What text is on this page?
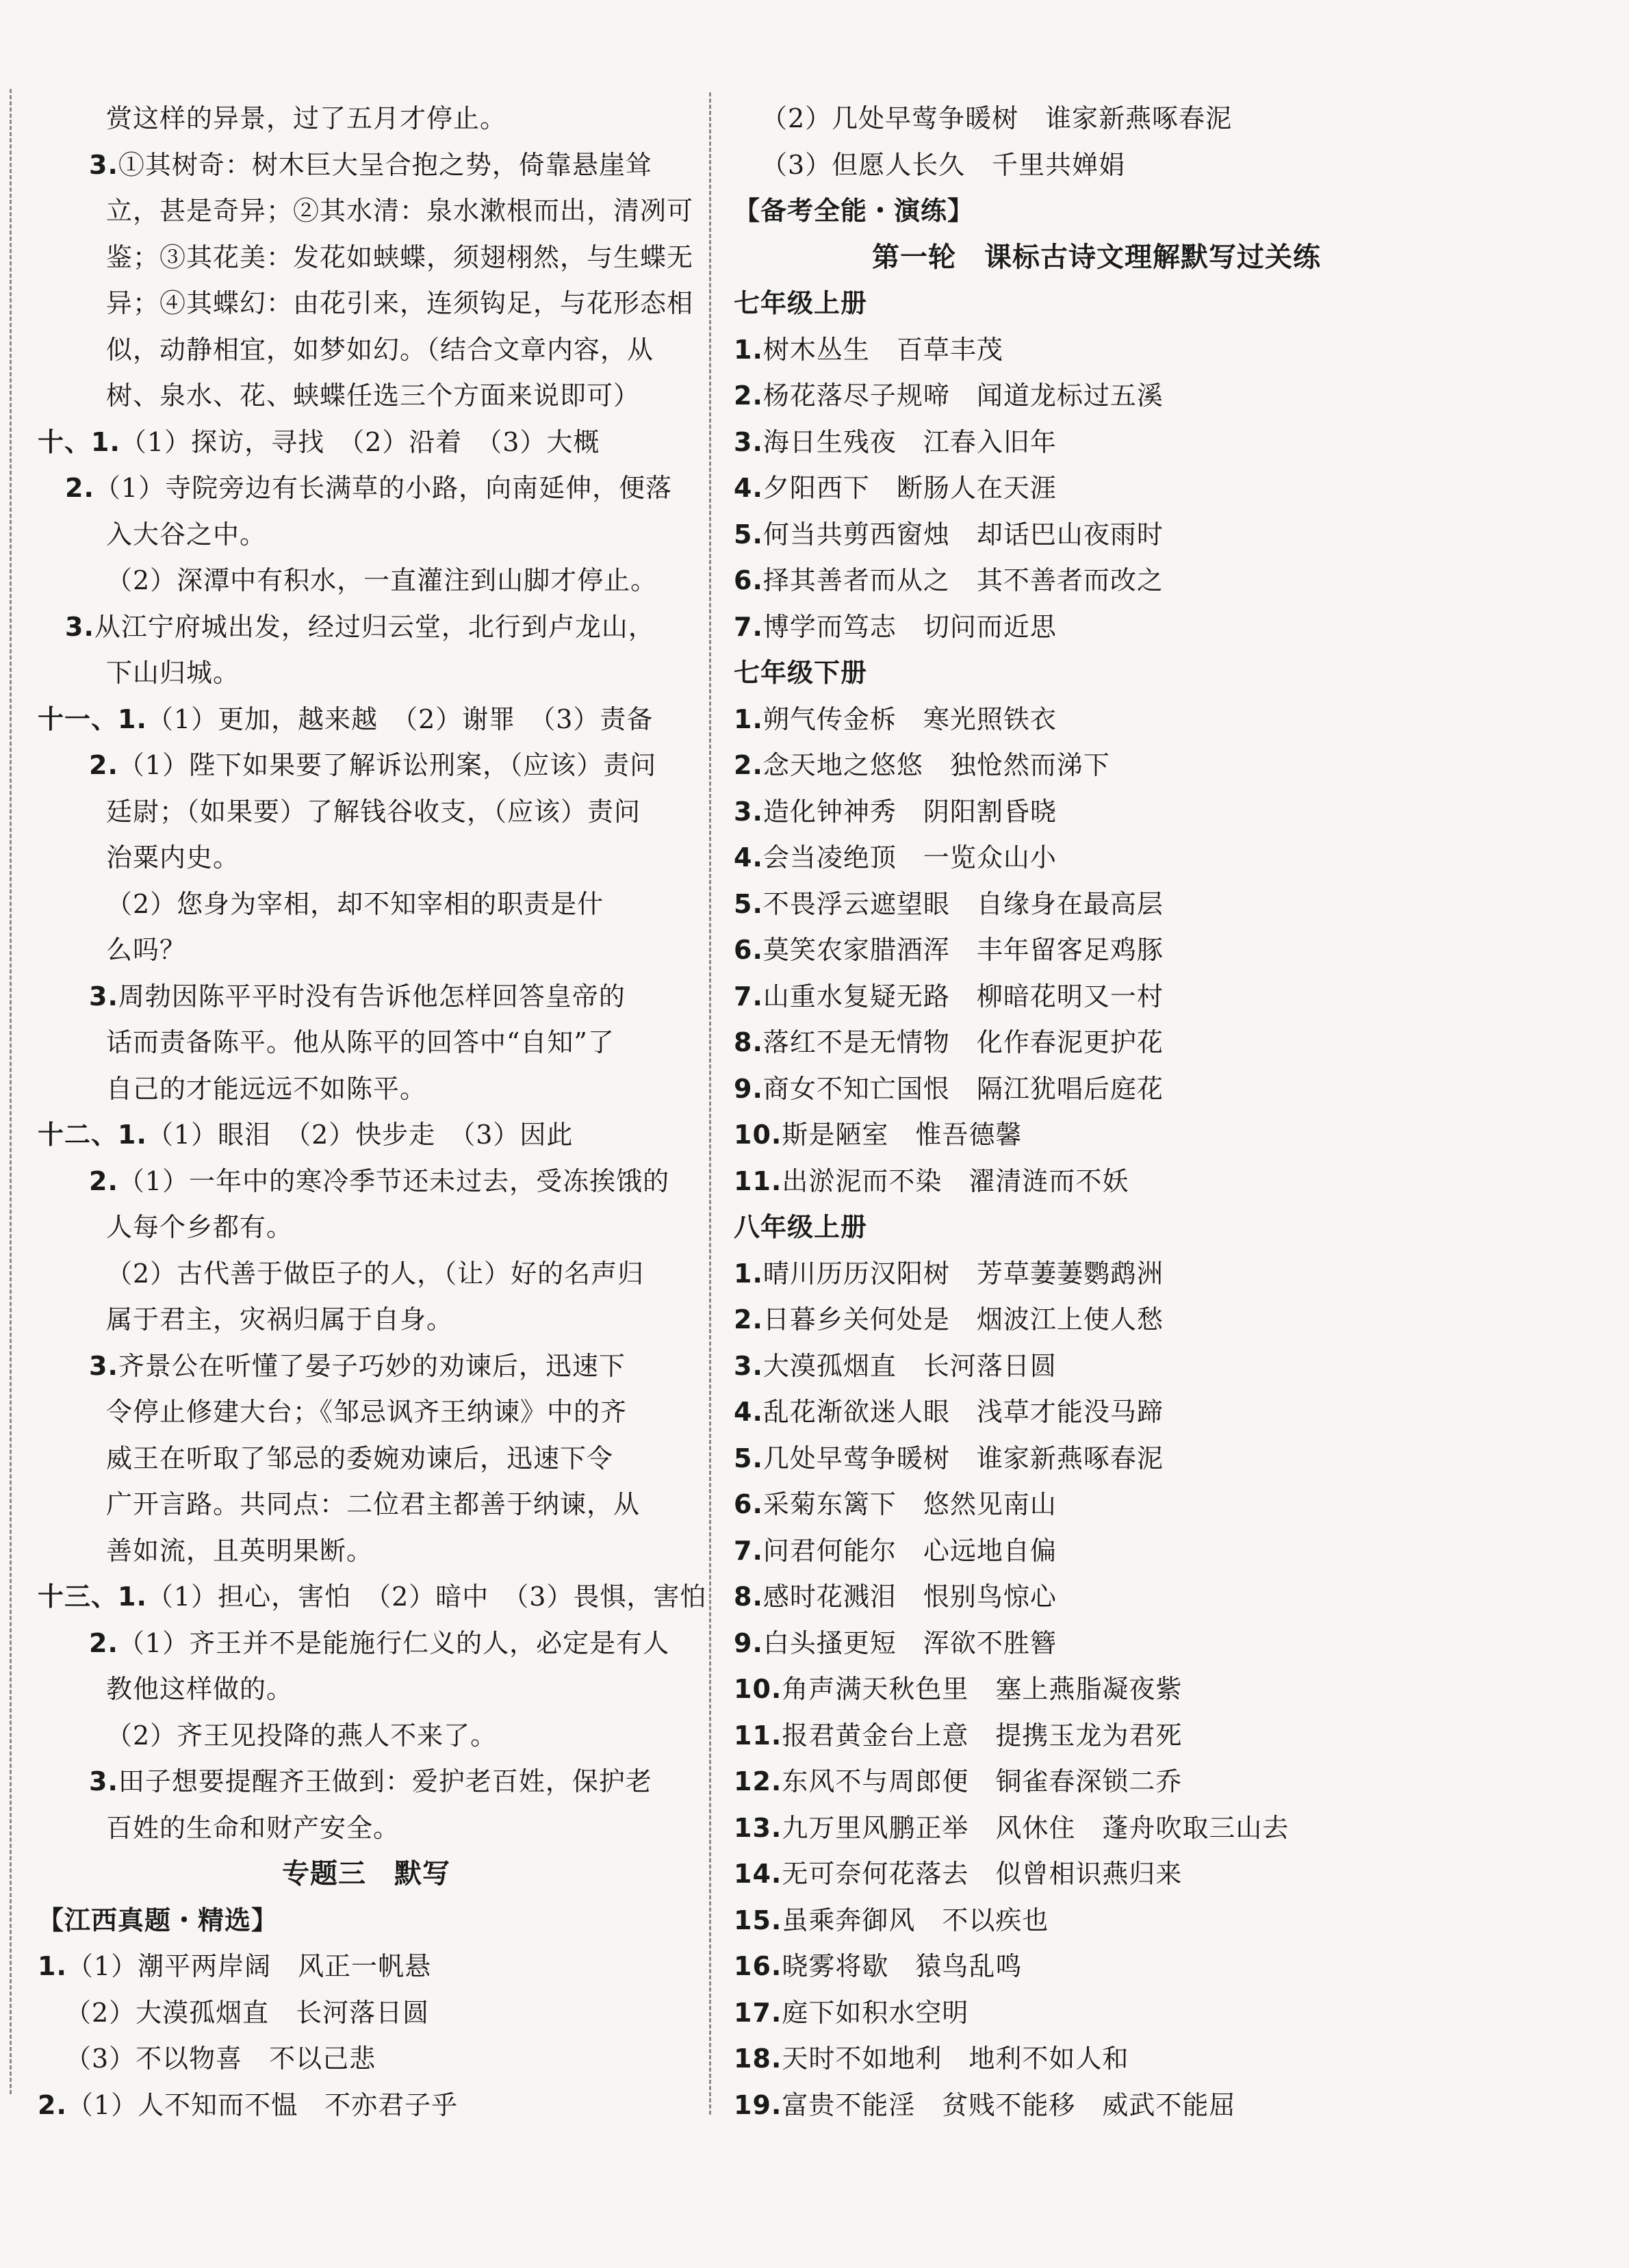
赏这样的异景，过了五月才停止。
3.①其树奇：树木巨大呈合抱之势，倚靠悬崖耸
立，甚是奇异；②其水清：泉水漱根而出，清冽可
鉴；③其花美：发花如蛱蝶，须翅栩然，与生蝶无
异；④其蝶幻：由花引来，连须钩足，与花形态相
似，动静相宜，如梦如幻。（结合文章内容，从
树、泉水、花、蛱蝶任选三个方面来说即可）
十、1.（1）探访，寻找　（2）沿着　（3）大概
2.（1）寺院旁边有长满草的小路，向南延伸，便落
入大谷之中。
（2）深潭中有积水，一直灌注到山脚才停止。
3.从江宁府城出发，经过归云堂，北行到卢龙山，
下山归城。
十一、1.（1）更加，越来越　（2）谢罪　（3）责备
2.（1）陛下如果要了解诉讼刑案，（应该）责问
廷尉；（如果要）了解钱谷收支，（应该）责问
治粟内史。
（2）您身为宰相，却不知宰相的职责是什
么吗？
3.周勃因陈平平时没有告诉他怎样回答皇帝的
话而责备陈平。他从陈平的回答中“自知”了
自己的才能远远不如陈平。
十二、1.（1）眼泪　（2）快步走　（3）因此
2.（1）一年中的寒冷季节还未过去，受冻挨饿的
人每个乡都有。
（2）古代善于做臣子的人，（让）好的名声归
属于君主，灾祸归属于自身。
3.齐景公在听懂了晏子巧妙的劝谏后，迅速下
令停止修建大台；《邹忌讽齐王纳谏》中的齐
威王在听取了邹忌的委婉劝谏后，迅速下令
广开言路。共同点：二位君主都善于纳谏，从
善如流，且英明果断。
十三、1.（1）担心，害怕　（2）暗中　（3）畏惧，害怕
2.（1）齐王并不是能施行仁义的人，必定是有人
教他这样做的。
（2）齐王见投降的燕人不来了。
3.田子想要提醒齐王做到：爱护老百姓，保护老
百姓的生命和财产安全。
专题三　默写
【江西真题・精选】
1.（1）潮平两岸阔　风正一帆悬
（2）大漠孤烟直　长河落日圆
（3）不以物喜　不以己悲
2.（1）人不知而不愠　不亦君子乎
（2）几处早莺争暖树　谁家新燕啄春泥
（3）但愿人长久　千里共婵娟
【备考全能・演练】
第一轮　课标古诗文理解默写过关练
七年级上册
1.树木丛生　百草丰茂
2.杨花落尽子规啼　闻道龙标过五溪
3.海日生残夜　江春入旧年
4.夕阳西下　断肠人在天涯
5.何当共剪西窗烛　却话巴山夜雨时
6.择其善者而从之　其不善者而改之
7.博学而笃志　切问而近思
七年级下册
1.朔气传金柝　寒光照铁衣
2.念天地之悠悠　独怆然而涕下
3.造化钟神秀　阴阳割昏晓
4.会当凌绝顶　一览众山小
5.不畏浮云遮望眼　自缘身在最高层
6.莫笑农家腊酒浑　丰年留客足鸡豚
7.山重水复疑无路　柳暗花明又一村
8.落红不是无情物　化作春泥更护花
9.商女不知亡国恨　隔江犹唱后庭花
10.斯是陋室　惟吾德馨
11.出淤泥而不染　濯清涟而不妖
八年级上册
1.晴川历历汉阳树　芳草萋萋鹦鹉洲
2.日暮乡关何处是　烟波江上使人愁
3.大漠孤烟直　长河落日圆
4.乱花渐欲迷人眼　浅草才能没马蹄
5.几处早莺争暖树　谁家新燕啄春泥
6.采菊东篱下　悠然见南山
7.问君何能尔　心远地自偏
8.感时花溅泪　恨别鸟惊心
9.白头搔更短　浑欲不胜簪
10.角声满天秋色里　塞上燕脂凝夜紫
11.报君黄金台上意　提携玉龙为君死
12.东风不与周郎便　铜雀春深锁二乔
13.九万里风鹏正举　风休住　蓬舟吹取三山去
14.无可奈何花落去　似曾相识燕归来
15.虽乘奔御风　不以疾也
16.晓雾将歇　猿鸟乱鸣
17.庭下如积水空明
18.天时不如地利　地利不如人和
19.富贵不能淫　贫贱不能移　威武不能屈
